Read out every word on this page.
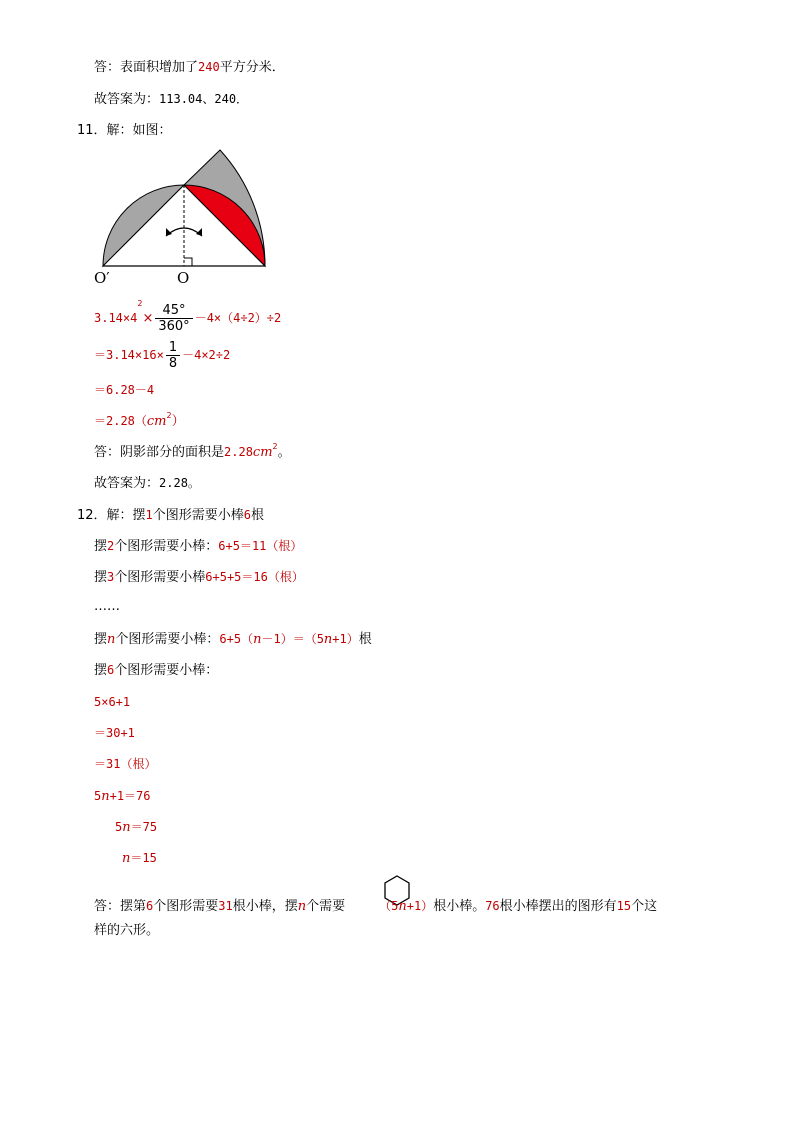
答：表面积增加了240平方分米．
故答案为：113.04、240．
11．解：如图：
O′	O
$3.14\times 4^2\times \frac{45^\circ}{360^\circ} -4\times(4\div 2)\div 2$
$=3.14\times 16\times \frac{1}{8} -4\times 2\div 2$
＝6.28－4
$=2.28(cm^2)$
答：阴影部分的面积是$2.28cm^2$。
故答案为：2.28。
12．解：摆1个图形需要小棒6根
摆2个图形需要小棒：6+5＝11（根）
摆3个图形需要小棒6+5+5＝16（根）
……
摆n个图形需要小棒：6+5（n－1）＝（5n+1）根
摆6个图形需要小棒：
5×6+1
＝30+1
＝31（根）
5n+1＝76
5n＝75
n＝15
答：摆第6个图形需要31根小棒，摆n个需要	（5n+1）根小棒。76根小棒摆出的图形有15个这
样的六形。
